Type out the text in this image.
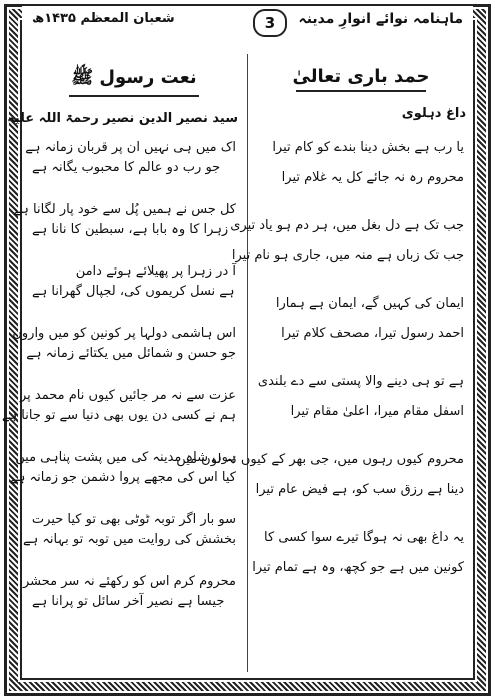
ماہنامہ نوائے انوارِ مدینہ
3
شعبان المعظم ۱۴۳۵ھ
حمد باری تعالیٰ
داغ دہلوی
یا رب ہے بخش دینا بندے کو کام تیرا
محروم رہ نہ جائے کل یہ غلام تیرا
جب تک ہے دل بغل میں، ہر دم ہو یاد تیری
جب تک زباں ہے منہ میں، جاری ہو نام تیرا
ایمان کی کہیں گے، ایمان ہے ہمارا
احمد رسول تیرا، مصحف کلام تیرا
ہے تو ہی دینے والا پستی سے دے بلندی
اسفل مقام میرا، اعلیٰ مقام تیرا
محروم کیوں رہوں میں، جی بھر کے کیوں نہ لوں میں
دینا ہے رزق سب کو، ہے فیض عام تیرا
یہ داغ بھی نہ ہوگا تیرے سوا کسی کا
کونین میں ہے جو کچھ، وہ ہے تمام تیرا
نعت رسول ﷺ
سید نصیر الدین نصیر رحمۃ اللہ علیہ
اک میں ہی نہیں ان پر قربان زمانہ ہے
جو رب دو عالم کا محبوب یگانہ ہے
کل جس نے ہمیں پُل سے خود پار لگانا ہے
زہرا کا وہ بابا ہے، سبطین کا نانا ہے
آ در زہرا پر پھیلائے ہوئے دامن
ہے نسل کریموں کی، لجپال گھرانا ہے
اس ہاشمی دولہا پر کونین کو میں واروں
جو حسن و شمائل میں یکتائے زمانہ ہے
عزت سے نہ مر جائیں کیوں نام محمد پر
ہم نے کسی دن یوں بھی دنیا سے تو جانا ہے
ہوں شاہ مدینہ کی میں پشت پناہی میں
کیا اس کی مجھے پروا دشمن جو زمانہ ہے
سو بار اگر توبہ ٹوٹی بھی تو کیا حیرت
بخشش کی روایت میں توبہ تو بہانہ ہے
محروم کرم اس کو رکھئے نہ سر محشر
جیسا ہے نصیر آخر سائل تو پرانا ہے
